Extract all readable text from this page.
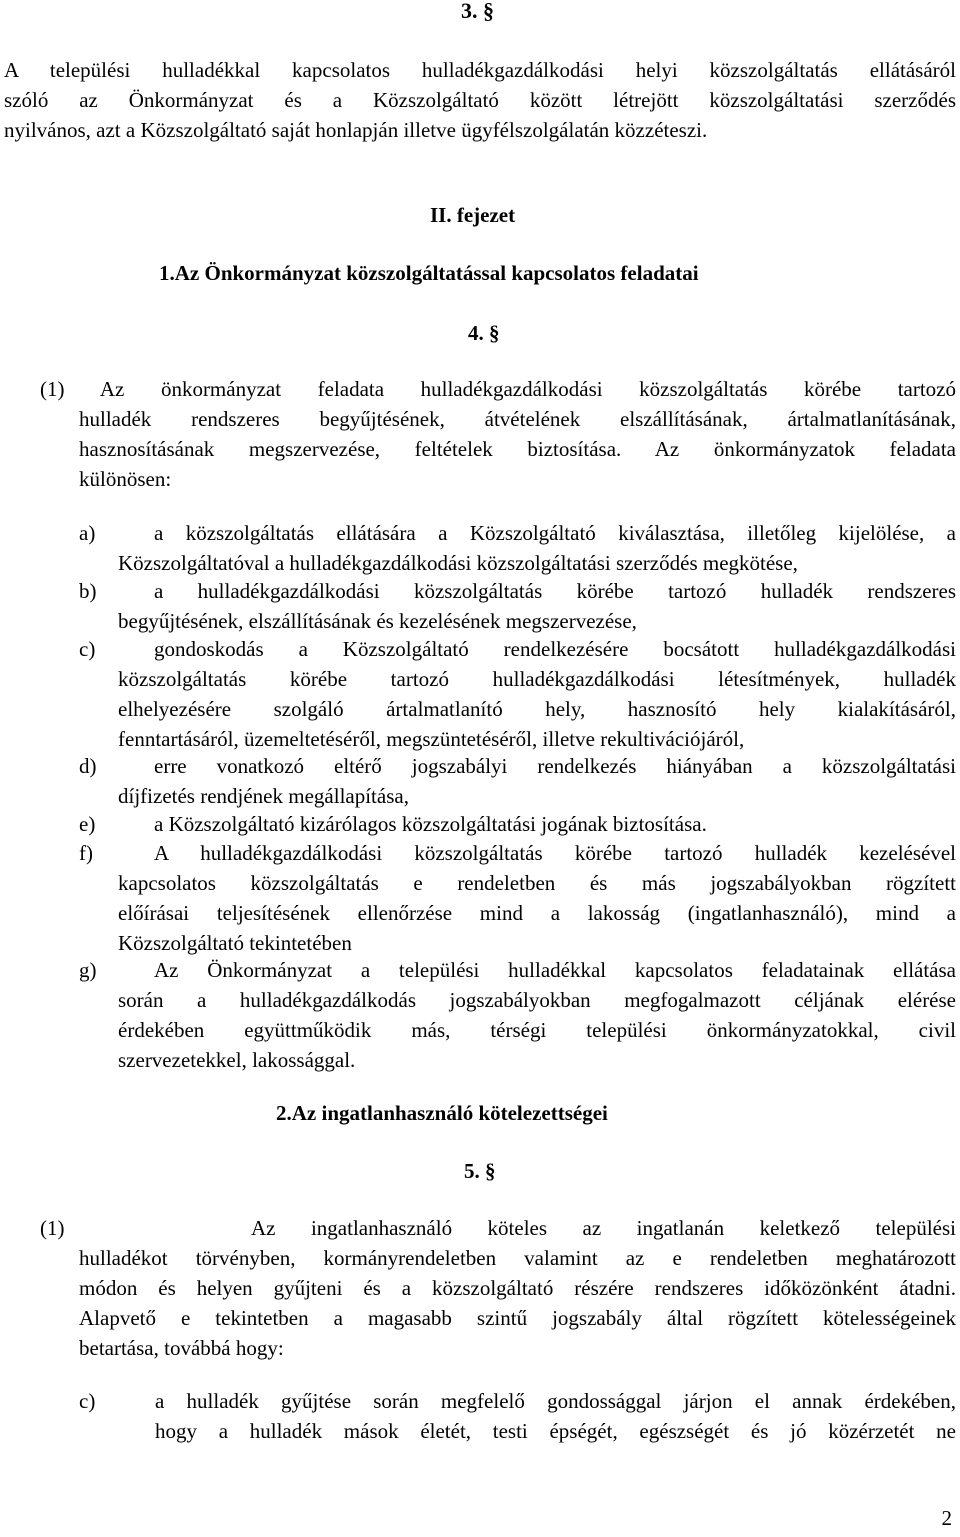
3. §
A települési hulladékkal kapcsolatos hulladékgazdálkodási helyi közszolgáltatás ellátásáról
szóló az Önkormányzat és a Közszolgáltató között létrejött közszolgáltatási szerződés
nyilvános, azt a Közszolgáltató saját honlapján illetve ügyfélszolgálatán közzéteszi.
II. fejezet
1.Az Önkormányzat közszolgáltatással kapcsolatos feladatai
4. §
(1) Az önkormányzat feladata hulladékgazdálkodási közszolgáltatás körébe tartozó
hulladék rendszeres begyűjtésének, átvételének elszállításának, ártalmatlanításának,
hasznosításának megszervezése, feltételek biztosítása. Az önkormányzatok feladata
különösen:
a)	a közszolgáltatás ellátására a Közszolgáltató kiválasztása, illetőleg kijelölése, a
Közszolgáltatóval a hulladékgazdálkodási közszolgáltatási szerződés megkötése,
b)	a hulladékgazdálkodási közszolgáltatás körébe tartozó hulladék rendszeres
begyűjtésének, elszállításának és kezelésének megszervezése,
c)	gondoskodás a Közszolgáltató rendelkezésére bocsátott hulladékgazdálkodási
közszolgáltatás körébe tartozó hulladékgazdálkodási létesítmények, hulladék
elhelyezésére szolgáló ártalmatlanító hely, hasznosító hely kialakításáról,
fenntartásáról, üzemeltetéséről, megszüntetéséről, illetve rekultivációjáról,
d)	erre vonatkozó eltérő jogszabályi rendelkezés hiányában a közszolgáltatási
díjfizetés rendjének megállapítása,
e)	a Közszolgáltató kizárólagos közszolgáltatási jogának biztosítása.
f)	A hulladékgazdálkodási közszolgáltatás körébe tartozó hulladék kezelésével
kapcsolatos közszolgáltatás e rendeletben és más jogszabályokban rögzített
előírásai teljesítésének ellenőrzése mind a lakosság (ingatlanhasználó), mind a
Közszolgáltató tekintetében
g)	Az Önkormányzat a települési hulladékkal kapcsolatos feladatainak ellátása
során a hulladékgazdálkodás jogszabályokban megfogalmazott céljának elérése
érdekében együttműködik más, térségi települési önkormányzatokkal, civil
szervezetekkel, lakossággal.
2.Az ingatlanhasználó kötelezettségei
5. §
(1)	Az ingatlanhasználó köteles az ingatlanán keletkező települési
hulladékot törvényben, kormányrendeletben valamint az e rendeletben meghatározott
módon és helyen gyűjteni és a közszolgáltató részére rendszeres időközönként átadni.
Alapvető e tekintetben a magasabb szintű jogszabály által rögzített kötelességeinek
betartása, továbbá hogy:
c)	a hulladék gyűjtése során megfelelő gondossággal járjon el annak érdekében,
hogy a hulladék mások életét, testi épségét, egészségét és jó közérzetét ne
2
